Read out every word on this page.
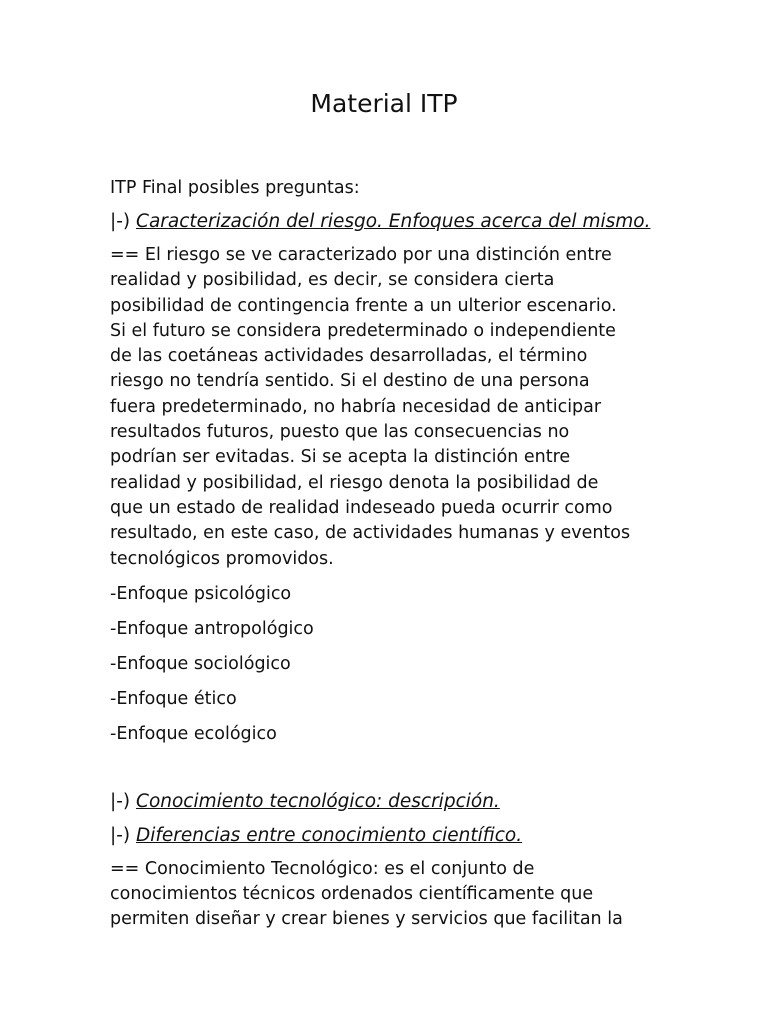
Material ITP
ITP Final posibles preguntas:
|-) Caracterización del riesgo. Enfoques acerca del mismo.
== El riesgo se ve caracterizado por una distinción entre
realidad y posibilidad, es decir, se considera cierta
posibilidad de contingencia frente a un ulterior escenario.
Si el futuro se considera predeterminado o independiente
de las coetáneas actividades desarrolladas, el término
riesgo no tendría sentido. Si el destino de una persona
fuera predeterminado, no habría necesidad de anticipar
resultados futuros, puesto que las consecuencias no
podrían ser evitadas. Si se acepta la distinción entre
realidad y posibilidad, el riesgo denota la posibilidad de
que un estado de realidad indeseado pueda ocurrir como
resultado, en este caso, de actividades humanas y eventos
tecnológicos promovidos.
-Enfoque psicológico
-Enfoque antropológico
-Enfoque sociológico
-Enfoque ético
-Enfoque ecológico
|-) Conocimiento tecnológico: descripción.
|-) Diferencias entre conocimiento científico.
== Conocimiento Tecnológico: es el conjunto de
conocimientos técnicos ordenados científicamente que
permiten diseñar y crear bienes y servicios que facilitan la
